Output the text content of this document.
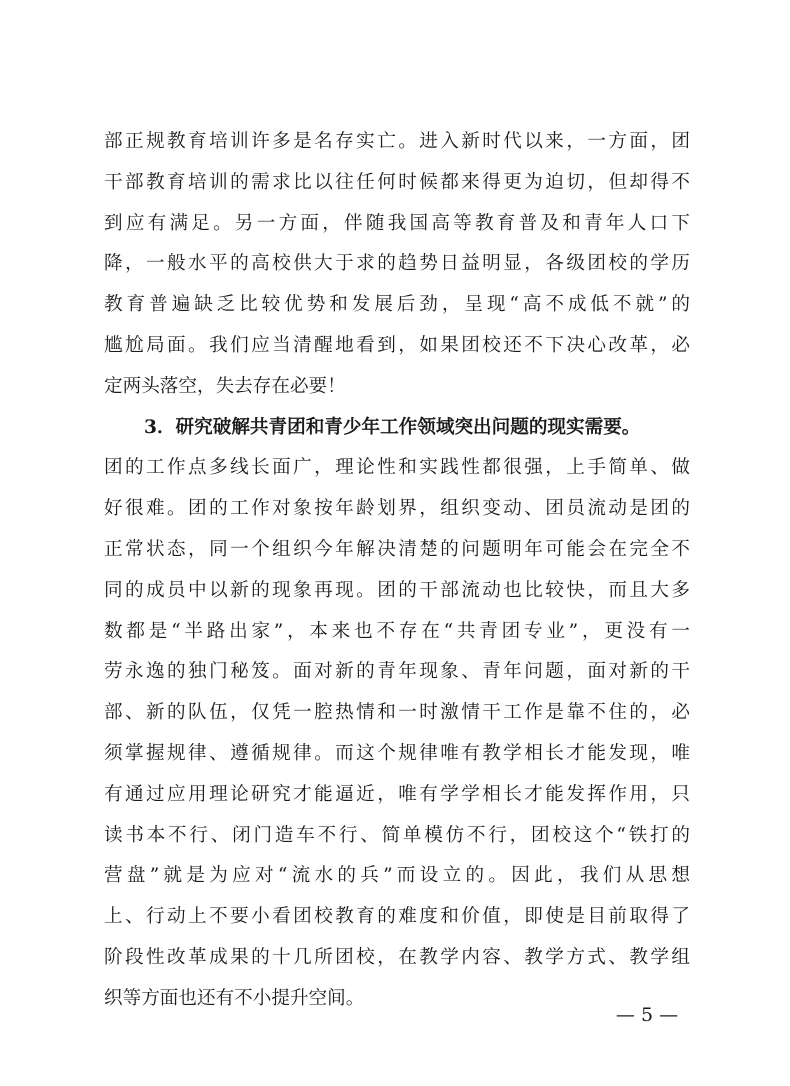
部正规教育培训许多是名存实亡。进入新时代以来，一方面，团
干部教育培训的需求比以往任何时候都来得更为迫切，但却得不
到应有满足。另一方面，伴随我国高等教育普及和青年人口下
降，一般水平的高校供大于求的趋势日益明显，各级团校的学历
教育普遍缺乏比较优势和发展后劲，呈现“高不成低不就”的
尴尬局面。我们应当清醒地看到，如果团校还不下决心改革，必
定两头落空，失去存在必要！
3．研究破解共青团和青少年工作领域突出问题的现实需要。
团的工作点多线长面广，理论性和实践性都很强，上手简单、做
好很难。团的工作对象按年龄划界，组织变动、团员流动是团的
正常状态，同一个组织今年解决清楚的问题明年可能会在完全不
同的成员中以新的现象再现。团的干部流动也比较快，而且大多
数都是“半路出家”，本来也不存在“共青团专业”，更没有一
劳永逸的独门秘笈。面对新的青年现象、青年问题，面对新的干
部、新的队伍，仅凭一腔热情和一时激情干工作是靠不住的，必
须掌握规律、遵循规律。而这个规律唯有教学相长才能发现，唯
有通过应用理论研究才能逼近，唯有学学相长才能发挥作用，只
读书本不行、闭门造车不行、简单模仿不行，团校这个“铁打的
营盘”就是为应对“流水的兵”而设立的。因此，我们从思想
上、行动上不要小看团校教育的难度和价值，即使是目前取得了
阶段性改革成果的十几所团校，在教学内容、教学方式、教学组
织等方面也还有不小提升空间。
— 5 —
